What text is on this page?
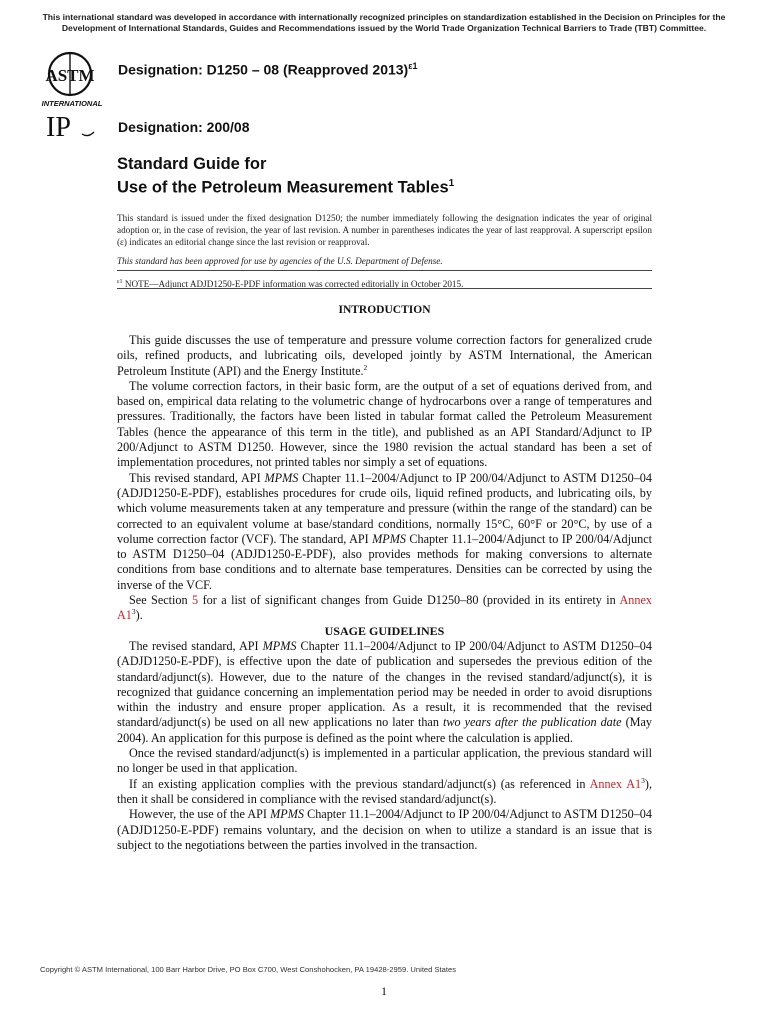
This international standard was developed in accordance with internationally recognized principles on standardization established in the Decision on Principles for the Development of International Standards, Guides and Recommendations issued by the World Trade Organization Technical Barriers to Trade (TBT) Committee.
ASTM
INTERNATIONAL
IP
Designation: D1250 – 08 (Reapproved 2013)$^{\varepsilon 1}$
Designation: 200/08
Standard Guide for
Use of the Petroleum Measurement Tables$^1$
This standard is issued under the fixed designation D1250; the number immediately following the designation indicates the year of original adoption or, in the case of revision, the year of last revision. A number in parentheses indicates the year of last reapproval. A superscript epsilon (ε) indicates an editorial change since the last revision or reapproval.
This standard has been approved for use by agencies of the U.S. Department of Defense.
$^{\varepsilon 1}$ NOTE—Adjunct ADJD1250-E-PDF information was corrected editorially in October 2015.
INTRODUCTION

This guide discusses the use of temperature and pressure volume correction factors for generalized crude oils, refined products, and lubricating oils, developed jointly by ASTM International, the American Petroleum Institute (API) and the Energy Institute.$^2$

The volume correction factors, in their basic form, are the output of a set of equations derived from, and based on, empirical data relating to the volumetric change of hydrocarbons over a range of temperatures and pressures. Traditionally, the factors have been listed in tabular format called the Petroleum Measurement Tables (hence the appearance of this term in the title), and published as an API Standard/Adjunct to IP 200/Adjunct to ASTM D1250. However, since the 1980 revision the actual standard has been a set of implementation procedures, not printed tables nor simply a set of equations.

This revised standard, API MPMS Chapter 11.1–2004/Adjunct to IP 200/04/Adjunct to ASTM D1250–04 (ADJD1250-E-PDF), establishes procedures for crude oils, liquid refined products, and lubricating oils, by which volume measurements taken at any temperature and pressure (within the range of the standard) can be corrected to an equivalent volume at base/standard conditions, normally 15°C, 60°F or 20°C, by use of a volume correction factor (VCF). The standard, API MPMS Chapter 11.1–2004/Adjunct to IP 200/04/Adjunct to ASTM D1250–04 (ADJD1250-E-PDF), also provides methods for making conversions to alternate conditions from base conditions and to alternate base temperatures. Densities can be corrected by using the inverse of the VCF.

See Section 5 for a list of significant changes from Guide D1250–80 (provided in its entirety in Annex $A1^3$).

USAGE GUIDELINES

The revised standard, API MPMS Chapter 11.1–2004/Adjunct to IP 200/04/Adjunct to ASTM D1250–04 (ADJD1250-E-PDF), is effective upon the date of publication and supersedes the previous edition of the standard/adjunct(s). However, due to the nature of the changes in the revised standard/adjunct(s), it is recognized that guidance concerning an implementation period may be needed in order to avoid disruptions within the industry and ensure proper application. As a result, it is recommended that the revised standard/adjunct(s) be used on all new applications no later than two years after the publication date (May 2004). An application for this purpose is defined as the point where the calculation is applied.

Once the revised standard/adjunct(s) is implemented in a particular application, the previous standard will no longer be used in that application.

If an existing application complies with the previous standard/adjunct(s) (as referenced in Annex $A1^3$), then it shall be considered in compliance with the revised standard/adjunct(s).

However, the use of the API MPMS Chapter 11.1–2004/Adjunct to IP 200/04/Adjunct to ASTM D1250–04 (ADJD1250-E-PDF) remains voluntary, and the decision on when to utilize a standard is an issue that is subject to the negotiations between the parties involved in the transaction.

Copyright © ASTM International, 100 Barr Harbor Drive, PO Box C700, West Conshohocken, PA 19428-2959. United States
1
